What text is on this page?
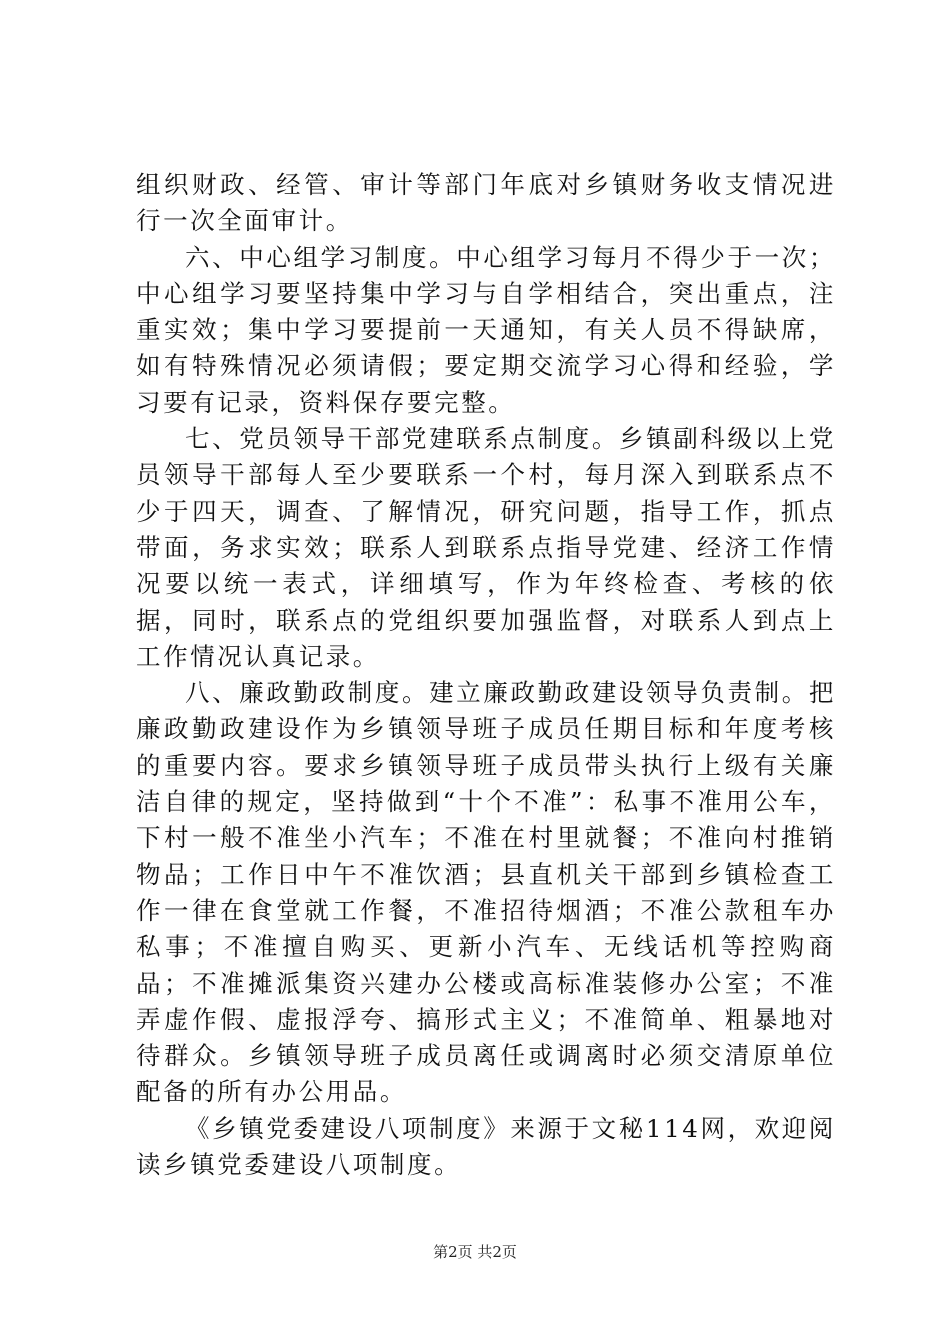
组织财政、经管、审计等部门年底对乡镇财务收支情况进行一次全面审计。

六、中心组学习制度。中心组学习每月不得少于一次；中心组学习要坚持集中学习与自学相结合，突出重点，注重实效；集中学习要提前一天通知，有关人员不得缺席，如有特殊情况必须请假；要定期交流学习心得和经验，学习要有记录，资料保存要完整。

七、党员领导干部党建联系点制度。乡镇副科级以上党员领导干部每人至少要联系一个村，每月深入到联系点不少于四天，调查、了解情况，研究问题，指导工作，抓点带面，务求实效；联系人到联系点指导党建、经济工作情况要以统一表式，详细填写，作为年终检查、考核的依据，同时，联系点的党组织要加强监督，对联系人到点上工作情况认真记录。

八、廉政勤政制度。建立廉政勤政建设领导负责制。把廉政勤政建设作为乡镇领导班子成员任期目标和年度考核的重要内容。要求乡镇领导班子成员带头执行上级有关廉洁自律的规定，坚持做到“十个不准”：私事不准用公车，下村一般不准坐小汽车；不准在村里就餐；不准向村推销物品；工作日中午不准饮酒；县直机关干部到乡镇检查工作一律在食堂就工作餐，不准招待烟酒；不准公款租车办私事；不准擅自购买、更新小汽车、无线话机等控购商品；不准摊派集资兴建办公楼或高标准装修办公室；不准弄虚作假、虚报浮夸、搞形式主义；不准简单、粗暴地对待群众。乡镇领导班子成员离任或调离时必须交清原单位配备的所有办公用品。

《乡镇党委建设八项制度》来源于文秘114网，欢迎阅读乡镇党委建设八项制度。

第2页 共2页
